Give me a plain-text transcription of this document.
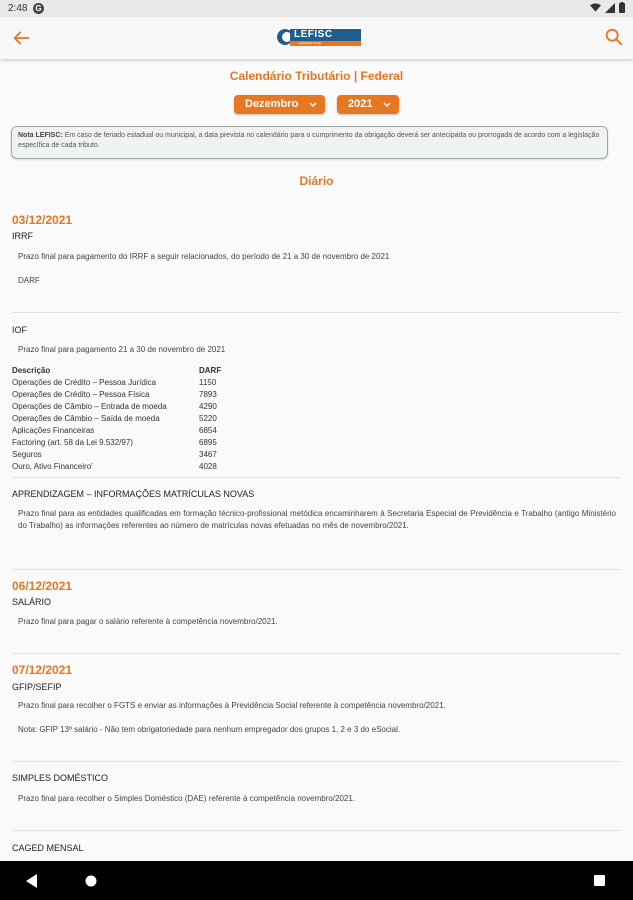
2:48 G
LEFISC
Legislação Fiscal
Calendário Tributário | Federal
Dezembro	2021
Nota LEFISC: Em caso de feriado estadual ou municipal, a data prevista no calendário para o cumprimento da obrigação deverá ser antecipada ou prorrogada de acordo com a legislação específica de cada tributo.
Diário
03/12/2021
IRRF
Prazo final para pagamento do IRRF a seguir relacionados, do período de 21 a 30 de novembro de 2021
DARF
IOF
Prazo final para pagamento 21 a 30 de novembro de 2021
Descrição	DARF
Operações de Crédito – Pessoa Jurídica	1150
Operações de Crédito – Pessoa Física	7893
Operações de Câmbio – Entrada de moeda	4290
Operações de Câmbio – Saída de moeda	5220
Aplicações Financeiras	6854
Factoring (art. 58 da Lei 9.532/97)	6895
Seguros	3467
Ouro, Ativo Financeiro'	4028
APRENDIZAGEM – INFORMAÇÕES MATRÍCULAS NOVAS
Prazo final para as entidades qualificadas em formação técnico-profissional metódica encaminharem à Secretaria Especial de Previdência e Trabalho (antigo Ministério do Trabalho) as informações referentes ao número de matrículas novas efetuadas no mês de novembro/2021.
06/12/2021
SALÁRIO
Prazo final para pagar o salário referente à competência novembro/2021.
07/12/2021
GFIP/SEFIP
Prazo final para recolher o FGTS e enviar as informações à Previdência Social referente à competência novembro/2021.
Nota: GFIP 13º salário - Não tem obrigatoriedade para nenhum empregador dos grupos 1, 2 e 3 do eSocial.
SIMPLES DOMÉSTICO
Prazo final para recolher o Simples Doméstico (DAE) referente à competência novembro/2021.
CAGED MENSAL
